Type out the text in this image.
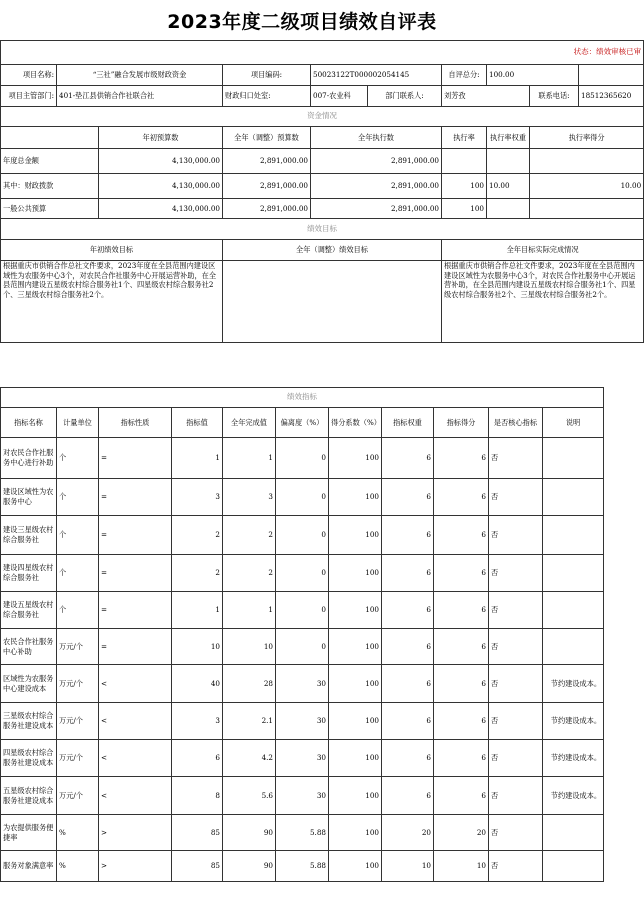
2023年度二级项目绩效自评表
状态：绩效审核已审									
项目名称:	“三社”融合发展市级财政资金		项目编码:	50023122T000002054145		自评总分:	100.00		
项目主管部门:	401-垫江县供销合作社联合社		财政归口处室:	007-农业科	部门联系人:	刘芳孜		联系电话:	18512365620
资金情况									
		年初预算数	全年（调整）预算数	全年执行数		执行率	执行率权重	执行率得分	
年度总金额		4,130,000.00	2,891,000.00	2,891,000.00					
其中：财政拨款		4,130,000.00	2,891,000.00	2,891,000.00		100	10.00	10.00	
一般公共预算		4,130,000.00	2,891,000.00	2,891,000.00		100			
绩效目标									
年初绩效目标			全年（调整）绩效目标			全年目标实际完成情况			
根据重庆市供销合作总社文件要求，2023年度在全县范围内建设区域性为农服务中心3个，对农民合作社服务中心开展运营补助，在全县范围内建设五星级农村综合服务社1个、四星级农村综合服务社2个、三星级农村综合服务社2个。						根据重庆市供销合作总社文件要求，2023年度在全县范围内建设区域性为农服务中心3个，对农民合作社服务中心开展运营补助，在全县范围内建设五星级农村综合服务社1个、四星级农村综合服务社2个、三星级农村综合服务社2个。			
绩效指标										
指标名称	计量单位	指标性质	指标值	全年完成值	偏离度（%）	得分系数（%）	指标权重	指标得分	是否核心指标	说明
对农民合作社服务中心进行补助	个	=	1	1	0	100	6	6	否	
建设区域性为农服务中心	个	=	3	3	0	100	6	6	否	
建设三星级农村综合服务社	个	=	2	2	0	100	6	6	否	
建设四星级农村综合服务社	个	=	2	2	0	100	6	6	否	
建设五星级农村综合服务社	个	=	1	1	0	100	6	6	否	
农民合作社服务中心补助	万元/个	=	10	10	0	100	6	6	否	
区域性为农服务中心建设成本	万元/个	<	40	28	30	100	6	6	否	节约建设成本。
三星级农村综合服务社建设成本	万元/个	<	3	2.1	30	100	6	6	否	节约建设成本。
四星级农村综合服务社建设成本	万元/个	<	6	4.2	30	100	6	6	否	节约建设成本。
五星级农村综合服务社建设成本	万元/个	<	8	5.6	30	100	6	6	否	节约建设成本。
为农提供服务便捷率	%	>	85	90	5.88	100	20	20	否	
服务对象满意率	%	>	85	90	5.88	100	10	10	否	
